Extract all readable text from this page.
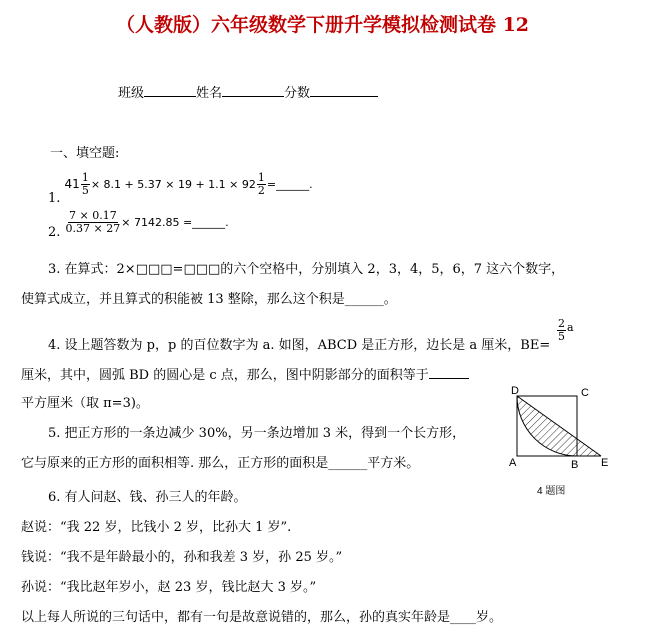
（人教版）六年级数学下册升学模拟检测试卷 12
班级	姓名	分数
一、填空题:
1. $41 \frac{1}{5} \times 8.1 + 5.37 \times 19 + 1.1 \times 92 \frac{1}{2}$ =______.
2. $\frac{7 \times 0.17}{0.37 \times 27} \times 7142.85$ =______.
3. 在算式：2×□□□=□□□的六个空格中，分别填入 2，3，4，5，6，7 这六个数字，
使算式成立，并且算式的积能被 13 整除，那么这个积是______。
4. 设上题答数为 p，p 的百位数字为 a. 如图，ABCD 是正方形，边长是 a 厘米，BE=
$\frac{2}{5} ^a$
厘米，其中，圆弧 BD 的圆心是 c 点，那么，图中阴影部分的面积等于
平方厘米（取 π=3)。
5. 把正方形的一条边减少 30%，另一条边增加 3 米，得到一个长方形，
它与原来的正方形的面积相等. 那么，正方形的面积是______平方米。
6. 有人问赵、钱、孙三人的年龄。
赵说：“我 22 岁，比钱小 2 岁，比孙大 1 岁”.
钱说：“我不是年龄最小的，孙和我差 3 岁，孙 25 岁。”
孙说：“我比赵年岁小，赵 23 岁，钱比赵大 3 岁。”
以上每人所说的三句话中，都有一句是故意说错的，那么，孙的真实年龄是____岁。
D	C
A	B E
4 题图
